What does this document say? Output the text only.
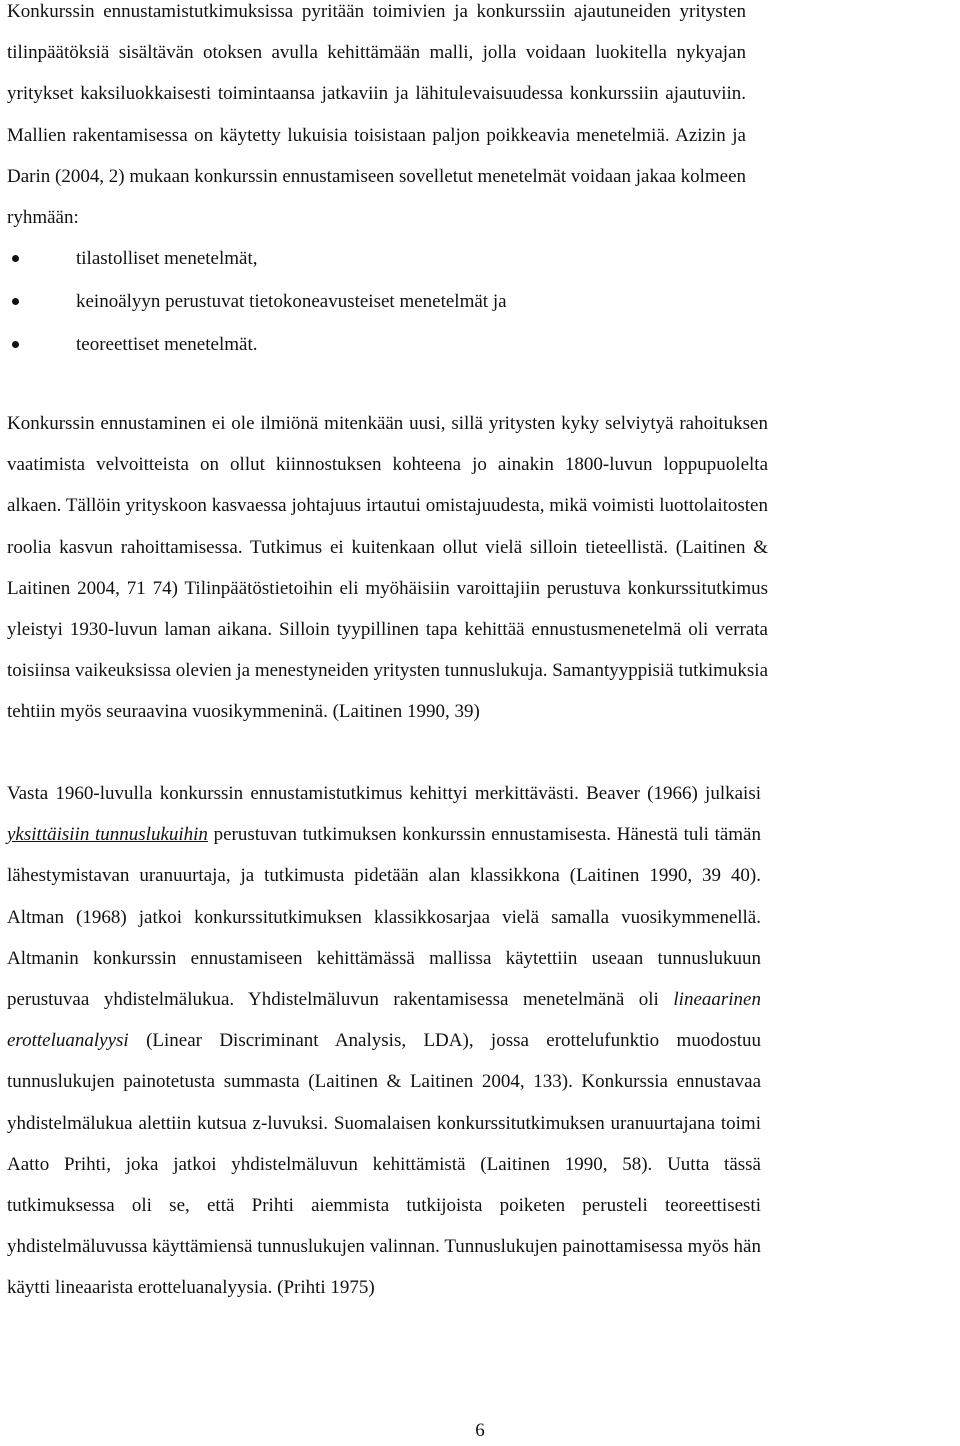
Konkurssin ennustamistutkimuksissa pyritään toimivien ja konkurssiin ajautuneiden yritysten
tilinpäätöksiä sisältävän otoksen avulla kehittämään malli, jolla voidaan luokitella nykyajan
yritykset kaksiluokkaisesti toimintaansa jatkaviin ja lähitulevaisuudessa konkurssiin ajautuviin.
Mallien rakentamisessa on käytetty lukuisia toisistaan paljon poikkeavia menetelmiä. Azizin ja
Darin (2004, 2) mukaan konkurssin ennustamiseen sovelletut menetelmät voidaan jakaa kolmeen
ryhmään:
tilastolliset menetelmät,
keinoälyyn perustuvat tietokoneavusteiset menetelmät ja
teoreettiset menetelmät.
Konkurssin ennustaminen ei ole ilmiönä mitenkään uusi, sillä yritysten kyky selviytyä rahoituksen
vaatimista velvoitteista on ollut kiinnostuksen kohteena jo ainakin 1800-luvun loppupuolelta
alkaen. Tällöin yrityskoon kasvaessa johtajuus irtautui omistajuudesta, mikä voimisti luottolaitosten
roolia kasvun rahoittamisessa. Tutkimus ei kuitenkaan ollut vielä silloin tieteellistä. (Laitinen &
Laitinen 2004, 71 74) Tilinpäätöstietoihin eli myöhäisiin varoittajiin perustuva konkurssitutkimus
yleistyi 1930-luvun laman aikana. Silloin tyypillinen tapa kehittää ennustusmenetelmä oli verrata
toisiinsa vaikeuksissa olevien ja menestyneiden yritysten tunnuslukuja. Samantyyppisiä tutkimuksia
tehtiin myös seuraavina vuosikymmeninä. (Laitinen 1990, 39)
Vasta 1960-luvulla konkurssin ennustamistutkimus kehittyi merkittävästi. Beaver (1966) julkaisi
yksittäisiin tunnuslukuihin perustuvan tutkimuksen konkurssin ennustamisesta. Hänestä tuli tämän
lähestymistavan uranuurtaja, ja tutkimusta pidetään alan klassikkona (Laitinen 1990, 39 40).
Altman (1968) jatkoi konkurssitutkimuksen klassikkosarjaa vielä samalla vuosikymmenellä.
Altmanin konkurssin ennustamiseen kehittämässä mallissa käytettiin useaan tunnuslukuun
perustuvaa yhdistelmälukua. Yhdistelmäluvun rakentamisessa menetelmänä oli lineaarinen
erotteluanalyysi (Linear Discriminant Analysis, LDA), jossa erottelufunktio muodostuu
tunnuslukujen painotetusta summasta (Laitinen & Laitinen 2004, 133). Konkurssia ennustavaa
yhdistelmälukua alettiin kutsua z-luvuksi. Suomalaisen konkurssitutkimuksen uranuurtajana toimi
Aatto Prihti, joka jatkoi yhdistelmäluvun kehittämistä (Laitinen 1990, 58). Uutta tässä
tutkimuksessa oli se, että Prihti aiemmista tutkijoista poiketen perusteli teoreettisesti
yhdistelmäluvussa käyttämiensä tunnuslukujen valinnan. Tunnuslukujen painottamisessa myös hän
käytti lineaarista erotteluanalyysia. (Prihti 1975)
6
